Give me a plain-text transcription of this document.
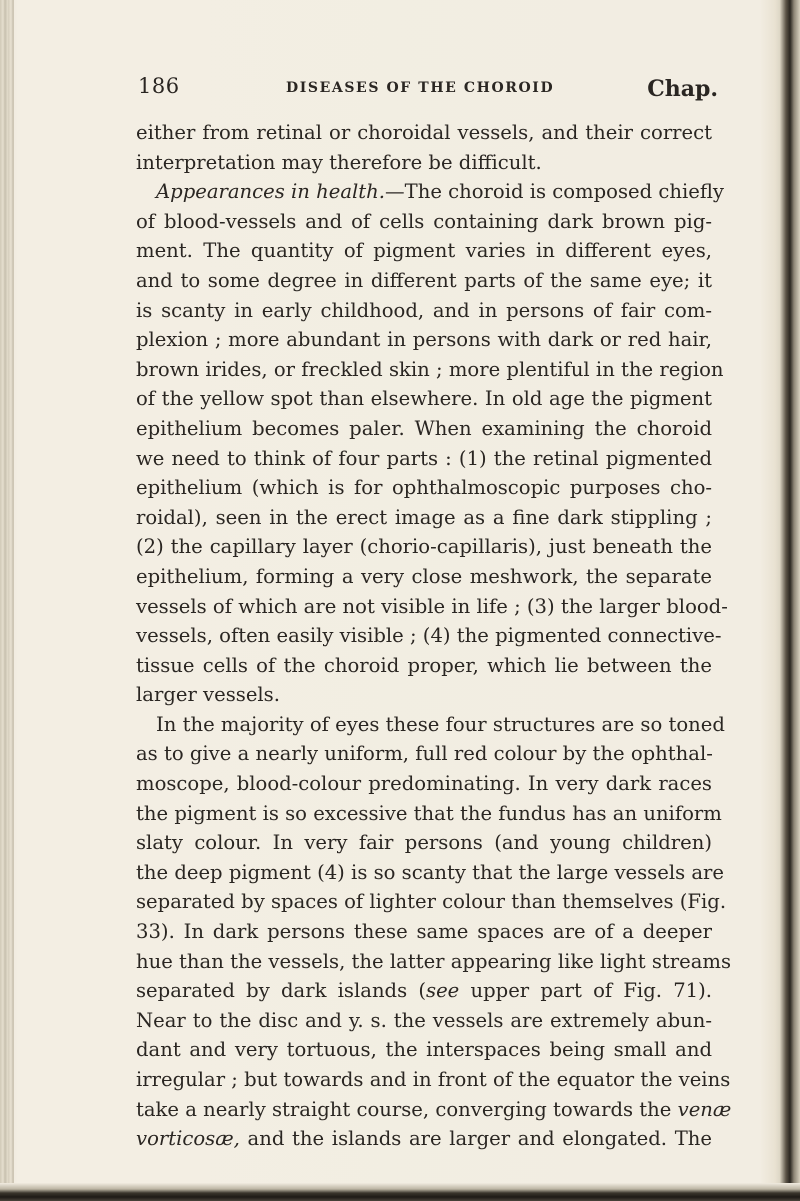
186	DISEASES OF THE CHOROID	Chap.
either from retinal or choroidal vessels, and their correct
interpretation may therefore be difficult.
Appearances in health.—The choroid is composed chiefly
of blood-vessels and of cells containing dark brown pig-
ment. The quantity of pigment varies in different eyes,
and to some degree in different parts of the same eye; it
is scanty in early childhood, and in persons of fair com-
plexion ; more abundant in persons with dark or red hair,
brown irides, or freckled skin ; more plentiful in the region
of the yellow spot than elsewhere. In old age the pigment
epithelium becomes paler. When examining the choroid
we need to think of four parts : (1) the retinal pigmented
epithelium (which is for ophthalmoscopic purposes cho-
roidal), seen in the erect image as a fine dark stippling ;
(2) the capillary layer (chorio-capillaris), just beneath the
epithelium, forming a very close meshwork, the separate
vessels of which are not visible in life ; (3) the larger blood-
vessels, often easily visible ; (4) the pigmented connective-
tissue cells of the choroid proper, which lie between the
larger vessels.
In the majority of eyes these four structures are so toned
as to give a nearly uniform, full red colour by the ophthal-
moscope, blood-colour predominating. In very dark races
the pigment is so excessive that the fundus has an uniform
slaty colour. In very fair persons (and young children)
the deep pigment (4) is so scanty that the large vessels are
separated by spaces of lighter colour than themselves (Fig.
33). In dark persons these same spaces are of a deeper
hue than the vessels, the latter appearing like light streams
separated by dark islands (see upper part of Fig. 71).
Near to the disc and y. s. the vessels are extremely abun-
dant and very tortuous, the interspaces being small and
irregular ; but towards and in front of the equator the veins
take a nearly straight course, converging towards the venæ
vorticosæ, and the islands are larger and elongated. The
